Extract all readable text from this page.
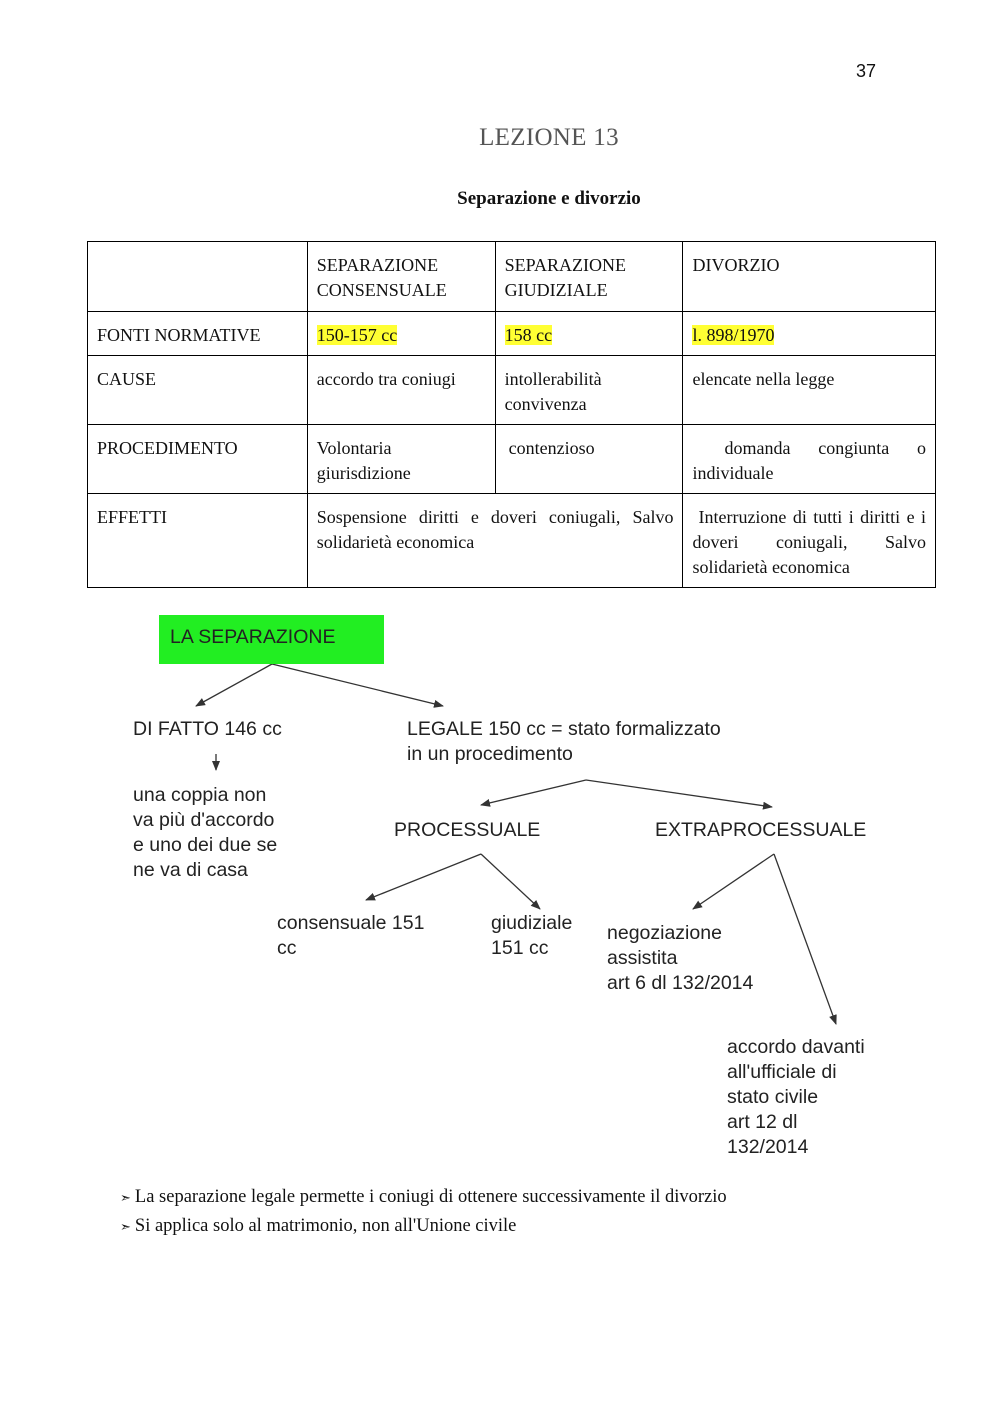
37
LEZIONE 13
Separazione e divorzio
	SEPARAZIONE CONSENSUALE	SEPARAZIONE GIUDIZIALE	DIVORZIO
FONTI NORMATIVE	150-157 cc	158 cc	l. 898/1970
CAUSE	accordo tra coniugi	intollerabilità convivenza	elencate nella legge
PROCEDIMENTO	Volontaria giurisdizione	contenzioso	domanda congiunta o individuale
EFFETTI	Sospensione diritti e doveri coniugali, Salvo solidarietà economica		Interruzione di tutti i diritti e i doveri coniugali, Salvo solidarietà economica
LA SEPARAZIONE
DI FATTO 146 cc
una coppia non
va più d'accordo
e uno dei due se
ne va di casa
LEGALE 150 cc = stato formalizzato
in un procedimento
PROCESSUALE	EXTRAPROCESSUALE
consensuale 151
cc
giudiziale
151 cc
negoziazione
assistita
art 6 dl 132/2014
accordo davanti
all'ufficiale di
stato civile
art 12 dl
132/2014
➣ La separazione legale permette i coniugi di ottenere successivamente il divorzio
➣ Si applica solo al matrimonio, non all'Unione civile
